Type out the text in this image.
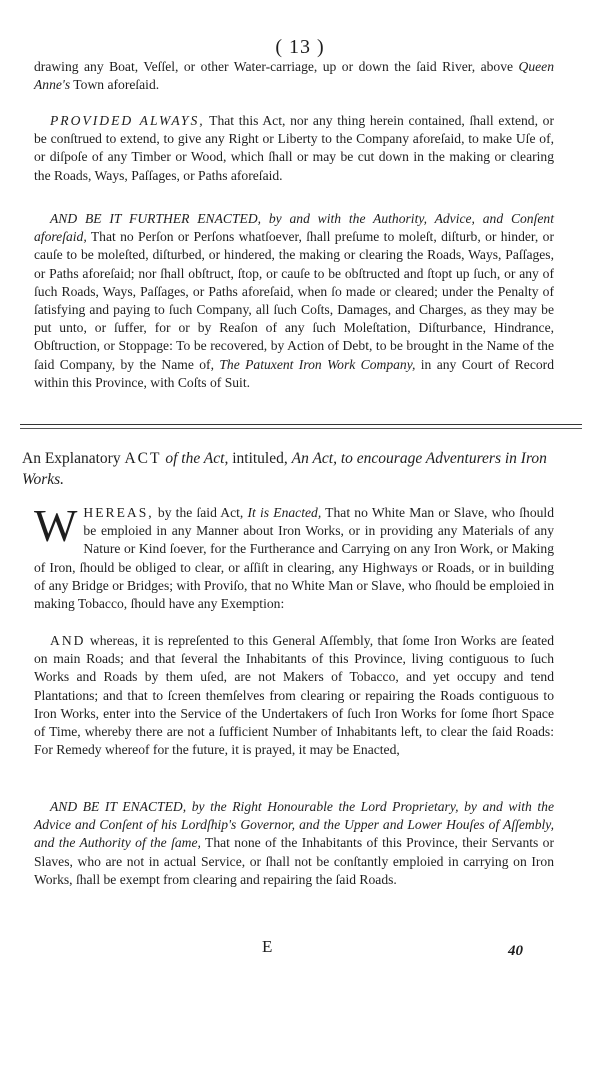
( 13 )
drawing any Boat, Veſſel, or other Water-carriage, up or down the ſaid River, above Queen Anne's Town aforeſaid.
PROVIDED ALWAYS, That this Act, nor any thing herein contained, ſhall extend, or be conſtrued to extend, to give any Right or Liberty to the Company aforeſaid, to make Uſe of, or diſpoſe of any Timber or Wood, which ſhall or may be cut down in the making or clearing the Roads, Ways, Paſſages, or Paths aforeſaid.
AND BE IT FURTHER ENACTED, by and with the Authority, Advice, and Conſent aforeſaid, That no Perſon or Perſons whatſoever, ſhall preſume to moleſt, diſturb, or hinder, or cauſe to be moleſted, diſturbed, or hindered, the making or clearing the Roads, Ways, Paſſages, or Paths aforeſaid; nor ſhall obſtruct, ſtop, or cauſe to be obſtructed and ſtopt up ſuch, or any of ſuch Roads, Ways, Paſſages, or Paths aforeſaid, when ſo made or cleared; under the Penalty of ſatisfying and paying to ſuch Company, all ſuch Coſts, Damages, and Charges, as they may be put unto, or ſuffer, for or by Reaſon of any ſuch Moleſtation, Diſturbance, Hindrance, Obſtruction, or Stoppage: To be recovered, by Action of Debt, to be brought in the Name of the ſaid Company, by the Name of, The Patuxent Iron Work Company, in any Court of Record within this Province, with Coſts of Suit.
An Explanatory ACT of the Act, intituled, An Act, to encourage Adventurers in Iron Works.
WHEREAS, by the ſaid Act, It is Enacted, That no White Man or Slave, who ſhould be emploied in any Manner about Iron Works, or in providing any Materials of any Nature or Kind ſoever, for the Furtherance and Carrying on any Iron Work, or Making of Iron, ſhould be obliged to clear, or aſſiſt in clearing, any Highways or Roads, or in building of any Bridge or Bridges; with Proviſo, that no White Man or Slave, who ſhould be emploied in making Tobacco, ſhould have any Exemption:
AND whereas, it is repreſented to this General Aſſembly, that ſome Iron Works are ſeated on main Roads; and that ſeveral the Inhabitants of this Province, living contiguous to ſuch Works and Roads by them uſed, are not Makers of Tobacco, and yet occupy and tend Plantations; and that to ſcreen themſelves from clearing or repairing the Roads contiguous to Iron Works, enter into the Service of the Undertakers of ſuch Iron Works for ſome ſhort Space of Time, whereby there are not a ſufficient Number of Inhabitants left, to clear the ſaid Roads: For Remedy whereof for the future, it is prayed, it may be Enacted,
AND BE IT ENACTED, by the Right Honourable the Lord Proprietary, by and with the Advice and Conſent of his Lordſhip's Governor, and the Upper and Lower Houſes of Aſſembly, and the Authority of the ſame, That none of the Inhabitants of this Province, their Servants or Slaves, who are not in actual Service, or ſhall not be conſtantly emploied in carrying on Iron Works, ſhall be exempt from clearing and repairing the ſaid Roads.
E	40
